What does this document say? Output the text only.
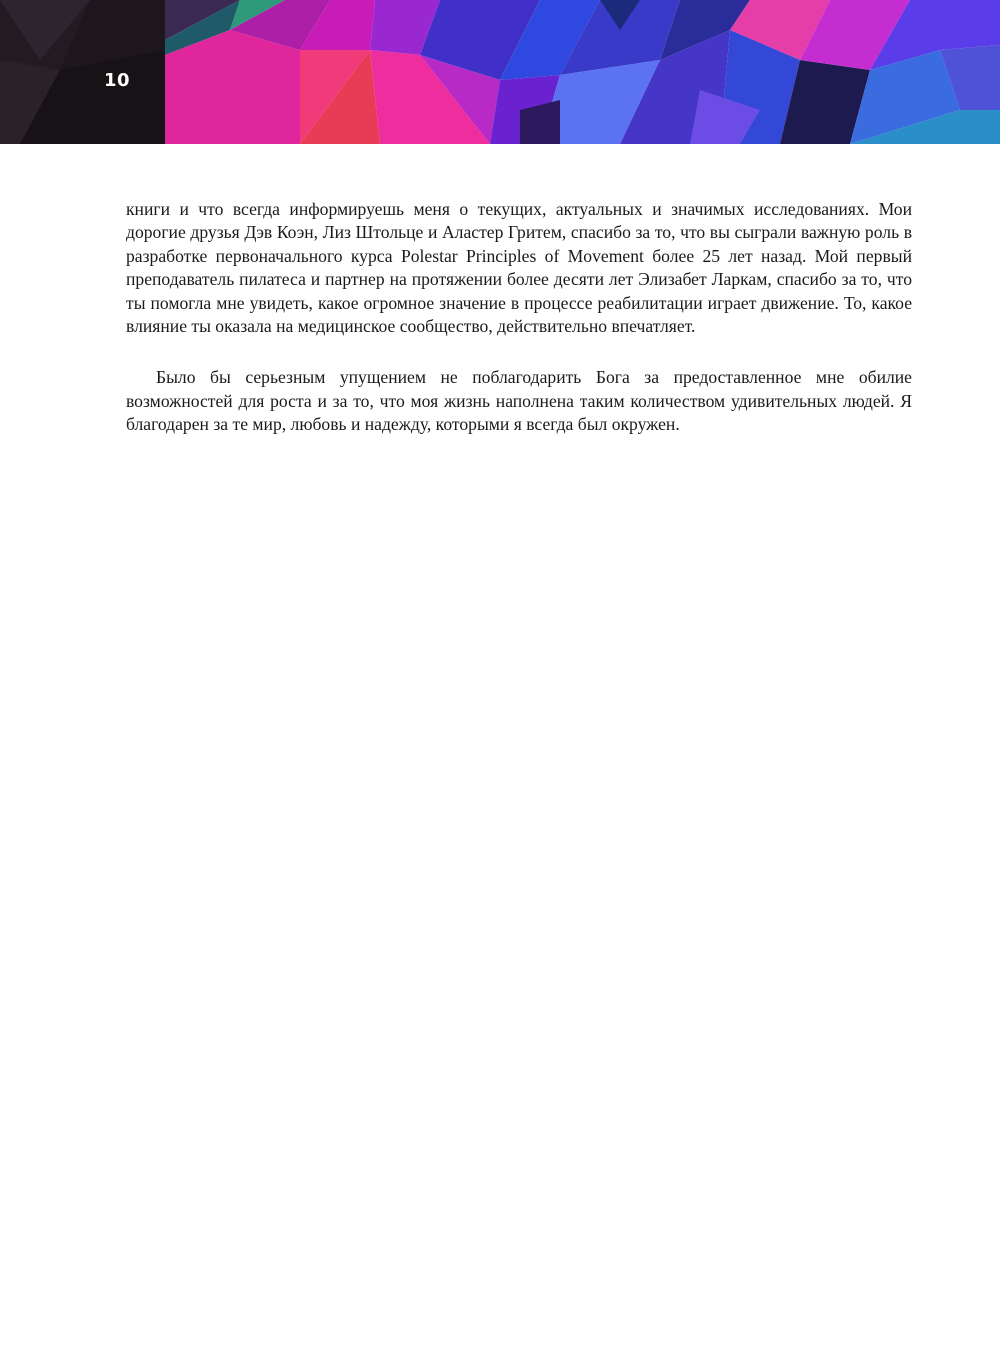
10

книги и что всегда информируешь меня о текущих, актуальных и значимых исследованиях. Мои дорогие друзья Дэв Коэн, Лиз Штольце и Аластер Гритем, спасибо за то, что вы сыграли важную роль в разработке первоначального курса Polestar Principles of Movement более 25 лет назад. Мой первый преподаватель пилатеса и партнер на протяжении более десяти лет Элизабет Ларкам, спасибо за то, что ты помогла мне увидеть, какое огромное значение в процессе реабилитации играет движение. То, какое влияние ты оказала на медицинское сообщество, действительно впечатляет.

Было бы серьезным упущением не поблагодарить Бога за предоставленное мне обилие возможностей для роста и за то, что моя жизнь наполнена таким количеством удивительных людей. Я благодарен за те мир, любовь и надежду, которыми я всегда был окружен.
